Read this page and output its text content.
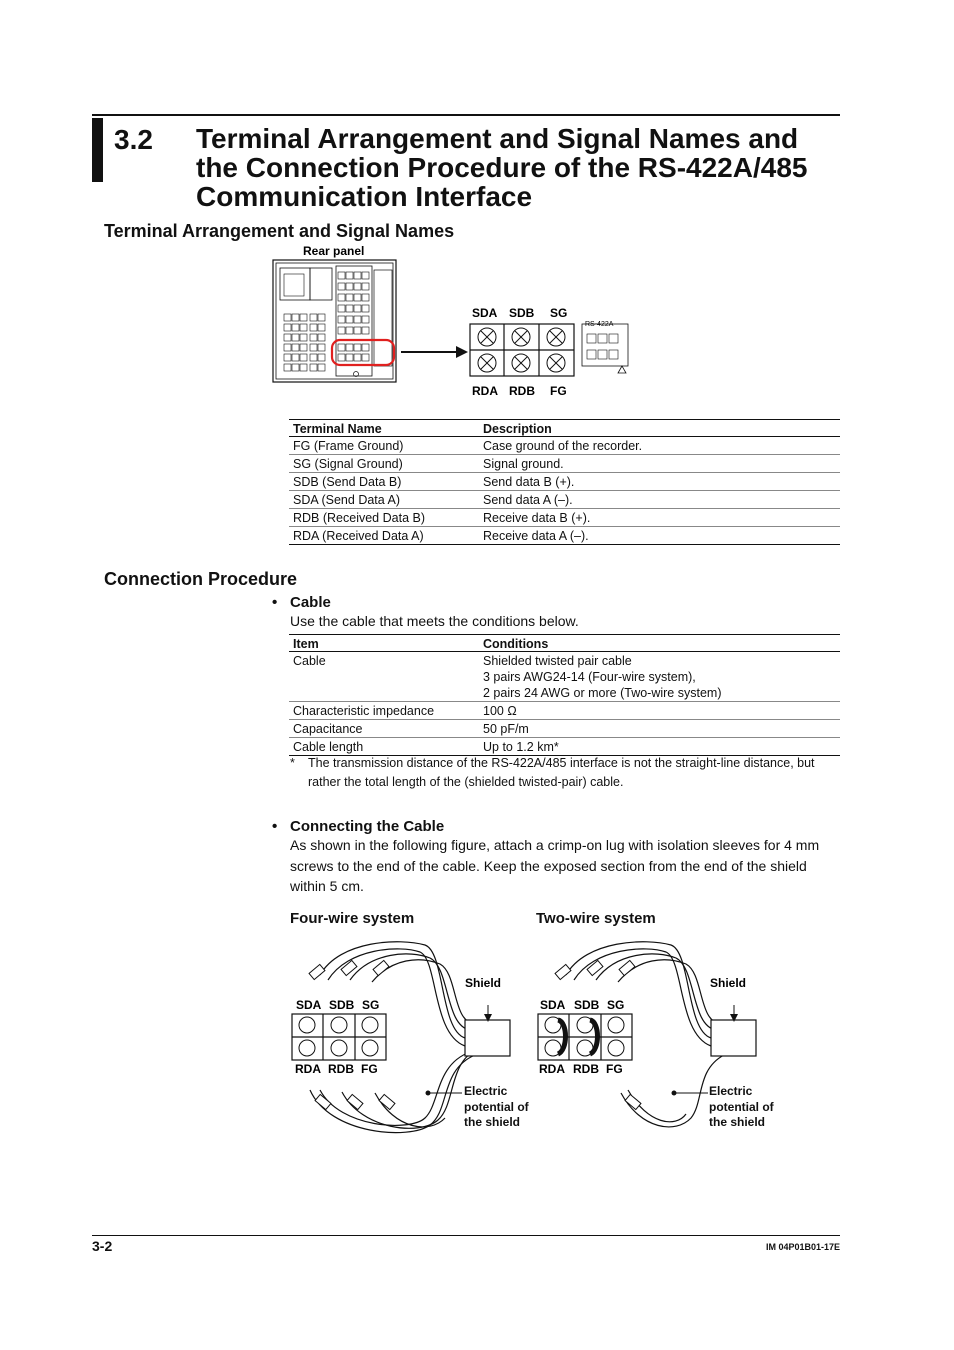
3.2 Terminal Arrangement and Signal Names and the Connection Procedure of the RS-422A/485 Communication Interface
Terminal Arrangement and Signal Names
Rear panel
SDA SDB SG
RDA RDB FG
RS-422A
Terminal Name	Description
FG (Frame Ground)	Case ground of the recorder.
SG (Signal Ground)	Signal ground.
SDB (Send Data B)	Send data B (+).
SDA (Send Data A)	Send data A (–).
RDB (Received Data B)	Receive data B (+).
RDA (Received Data A)	Receive data A (–).
Connection Procedure
• Cable
Use the cable that meets the conditions below.
Item	Conditions
Cable	Shielded twisted pair cable
3 pairs AWG24-14 (Four-wire system),
2 pairs 24 AWG or more (Two-wire system)
Characteristic impedance	100 Ω
Capacitance	50 pF/m
Cable length	Up to 1.2 km*
* The transmission distance of the RS-422A/485 interface is not the straight-line distance, but rather the total length of the (shielded twisted-pair) cable.
• Connecting the Cable
As shown in the following figure, attach a crimp-on lug with isolation sleeves for 4 mm screws to the end of the cable. Keep the exposed section from the end of the shield within 5 cm.
Four-wire system	Two-wire system
SDA SDB SG
RDA RDB FG
Shield
Electric
potential of
the shield
SDA SDB SG
RDA RDB FG
Shield
Electric
potential of
the shield
3-2	IM 04P01B01-17E
